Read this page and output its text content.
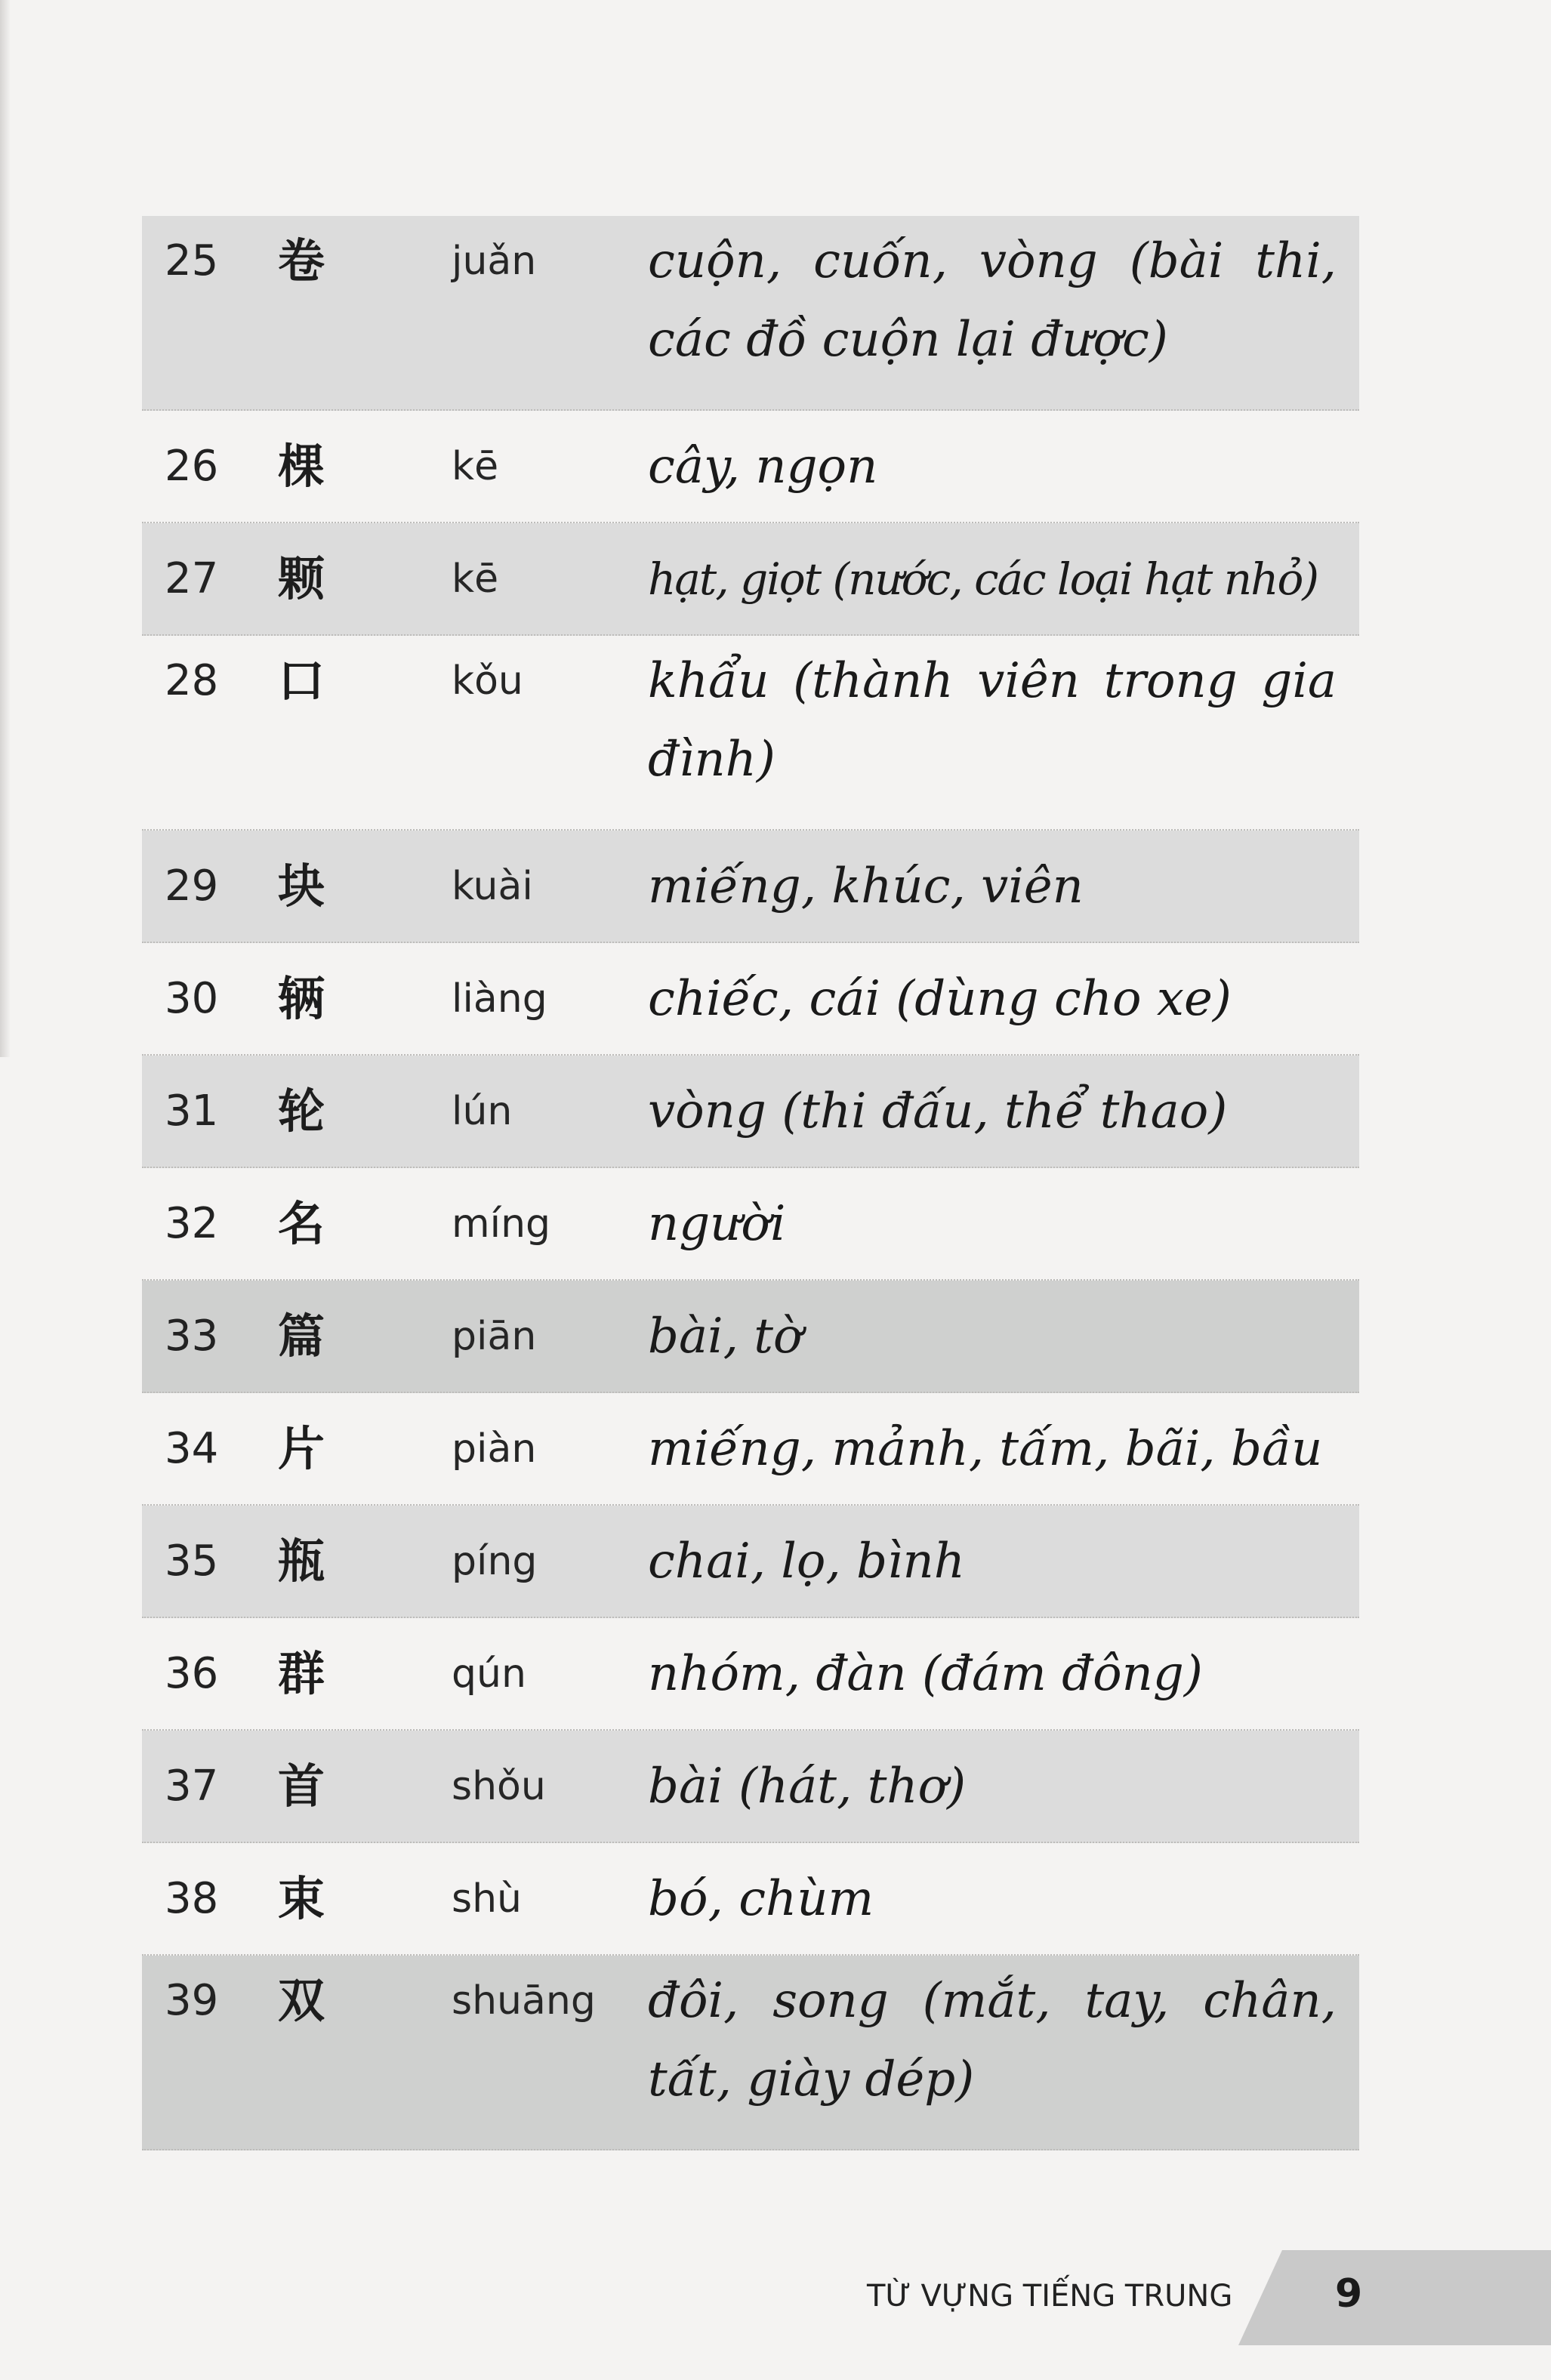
25	卷	juǎn	cuộn, cuốn, vòng (bài thi, các đồ cuộn lại được)
26	棵	kē	cây, ngọn
27	颗	kē	hạt, giọt (nước, các loại hạt nhỏ)
28	口	kǒu	khẩu (thành viên trong gia đình)
29	块	kuài	miếng, khúc, viên
30	辆	liàng	chiếc, cái (dùng cho xe)
31	轮	lún	vòng (thi đấu, thể thao)
32	名	míng	người
33	篇	piān	bài, tờ
34	片	piàn	miếng, mảnh, tấm, bãi, bầu
35	瓶	píng	chai, lọ, bình
36	群	qún	nhóm, đàn (đám đông)
37	首	shǒu	bài (hát, thơ)
38	束	shù	bó, chùm
39	双	shuāng	đôi, song (mắt, tay, chân, tất, giày dép)
TỪ VỰNG TIẾNG TRUNG	9
